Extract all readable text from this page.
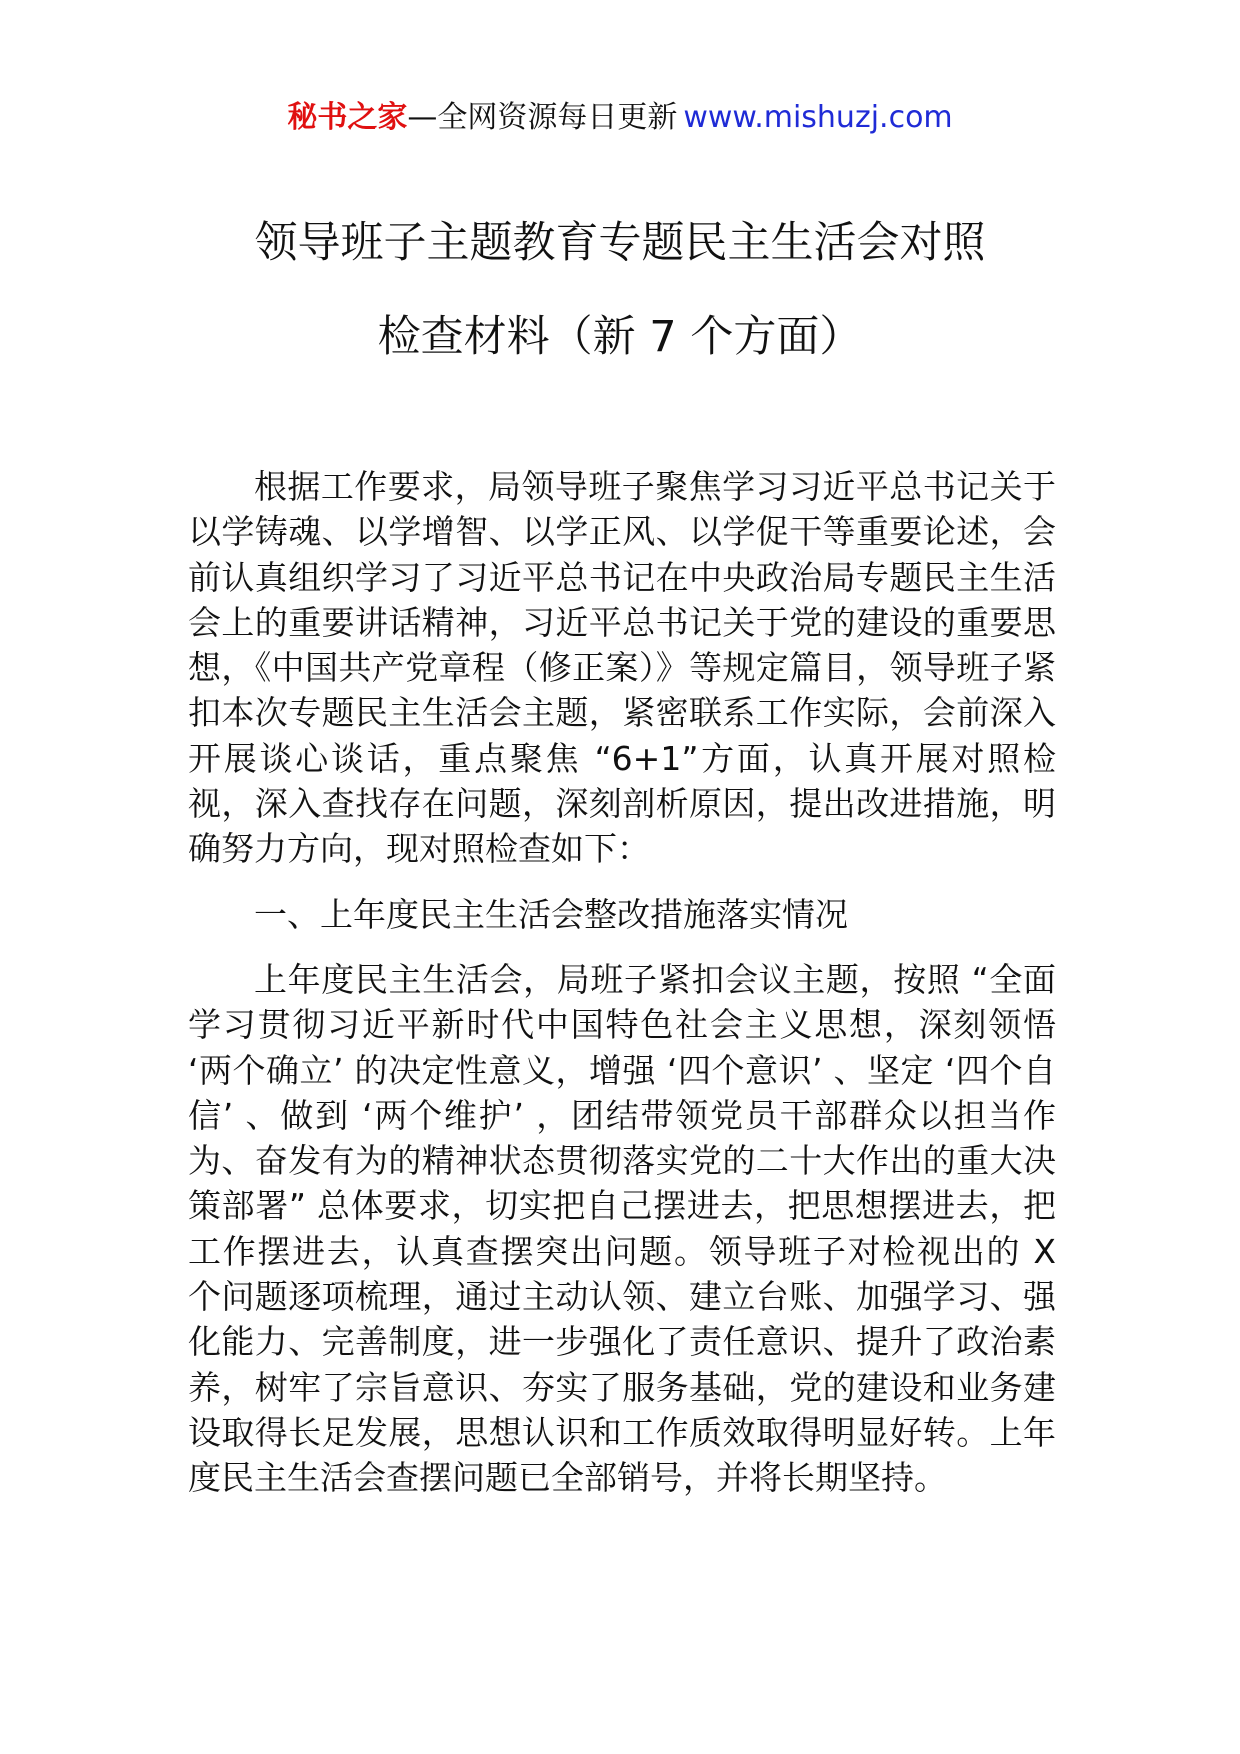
秘书之家—全网资源每日更新 www.mishuzj.com
领导班子主题教育专题民主生活会对照
检查材料（新 7 个方面）

根据工作要求，局领导班子聚焦学习习近平总书记关于以学铸魂、以学增智、以学正风、以学促干等重要论述，会前认真组织学习了习近平总书记在中央政治局专题民主生活会上的重要讲话精神，习近平总书记关于党的建设的重要思想，《中国共产党章程（修正案）》等规定篇目，领导班子紧扣本次专题民主生活会主题，紧密联系工作实际，会前深入开展谈心谈话，重点聚焦 “6+1”方面，认真开展对照检视，深入查找存在问题，深刻剖析原因，提出改进措施，明确努力方向，现对照检查如下：

一、上年度民主生活会整改措施落实情况

上年度民主生活会，局班子紧扣会议主题，按照 “全面学习贯彻习近平新时代中国特色社会主义思想，深刻领悟 ‘两个确立’ 的决定性意义，增强 ‘四个意识’ 、坚定 ‘四个自信’ 、做到 ‘两个维护’ ，团结带领党员干部群众以担当作为、奋发有为的精神状态贯彻落实党的二十大作出的重大决策部署” 总体要求，切实把自己摆进去，把思想摆进去，把工作摆进去，认真查摆突出问题。领导班子对检视出的 X 个问题逐项梳理，通过主动认领、建立台账、加强学习、强化能力、完善制度，进一步强化了责任意识、提升了政治素养，树牢了宗旨意识、夯实了服务基础，党的建设和业务建设取得长足发展，思想认识和工作质效取得明显好转。上年度民主生活会查摆问题已全部销号，并将长期坚持。
